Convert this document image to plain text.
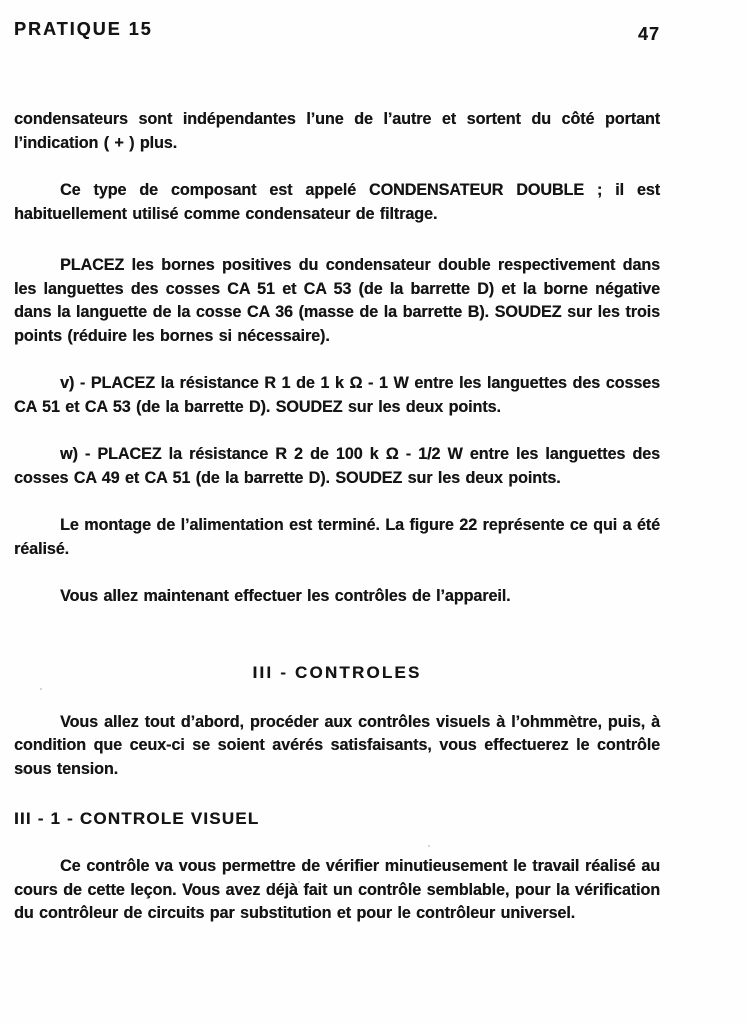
PRATIQUE 15	47

condensateurs sont indépendantes l’une de l’autre et sortent du côté portant l’indication ( + ) plus.

Ce type de composant est appelé CONDENSATEUR DOUBLE ; il est habituellement utilisé comme condensateur de filtrage.

PLACEZ les bornes positives du condensateur double respectivement dans les languettes des cosses CA 51 et CA 53 (de la barrette D) et la borne négative dans la languette de la cosse CA 36 (masse de la barrette B). SOUDEZ sur les trois points (réduire les bornes si nécessaire).

v) - PLACEZ la résistance R 1 de 1 k Ω - 1 W entre les languettes des cosses CA 51 et CA 53 (de la barrette D). SOUDEZ sur les deux points.

w) - PLACEZ la résistance R 2 de 100 k Ω - 1/2 W entre les languettes des cosses CA 49 et CA 51 (de la barrette D). SOUDEZ sur les deux points.

Le montage de l’alimentation est terminé. La figure 22 représente ce qui a été réalisé.

Vous allez maintenant effectuer les contrôles de l’appareil.

III - CONTROLES

Vous allez tout d’abord, procéder aux contrôles visuels à l’ohmmètre, puis, à condition que ceux-ci se soient avérés satisfaisants, vous effectuerez le contrôle sous tension.

III - 1 - CONTROLE VISUEL

Ce contrôle va vous permettre de vérifier minutieusement le travail réalisé au cours de cette leçon. Vous avez déjà fait un contrôle semblable, pour la vérification du contrôleur de circuits par substitution et pour le contrôleur universel.
